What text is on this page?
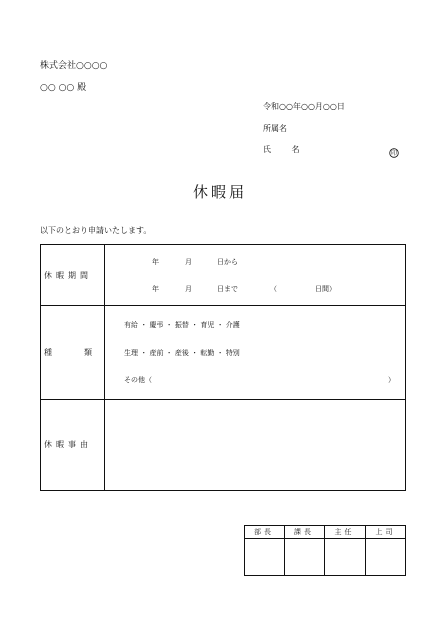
株式会社○○○○
○○ ○○ 殿
令和○○年○○月○○日
所属名
氏 名	印
休暇届
以下のとおり申請いたします。
休暇期間
年	月	日から
年	月	日まで	（	日間）
種類
有給 ・ 慶弔 ・ 振替 ・ 育児 ・ 介護
生理 ・ 産前 ・ 産後 ・ 転勤 ・ 特別
その他（	）
休暇事由
部長	課長	主任	上司
